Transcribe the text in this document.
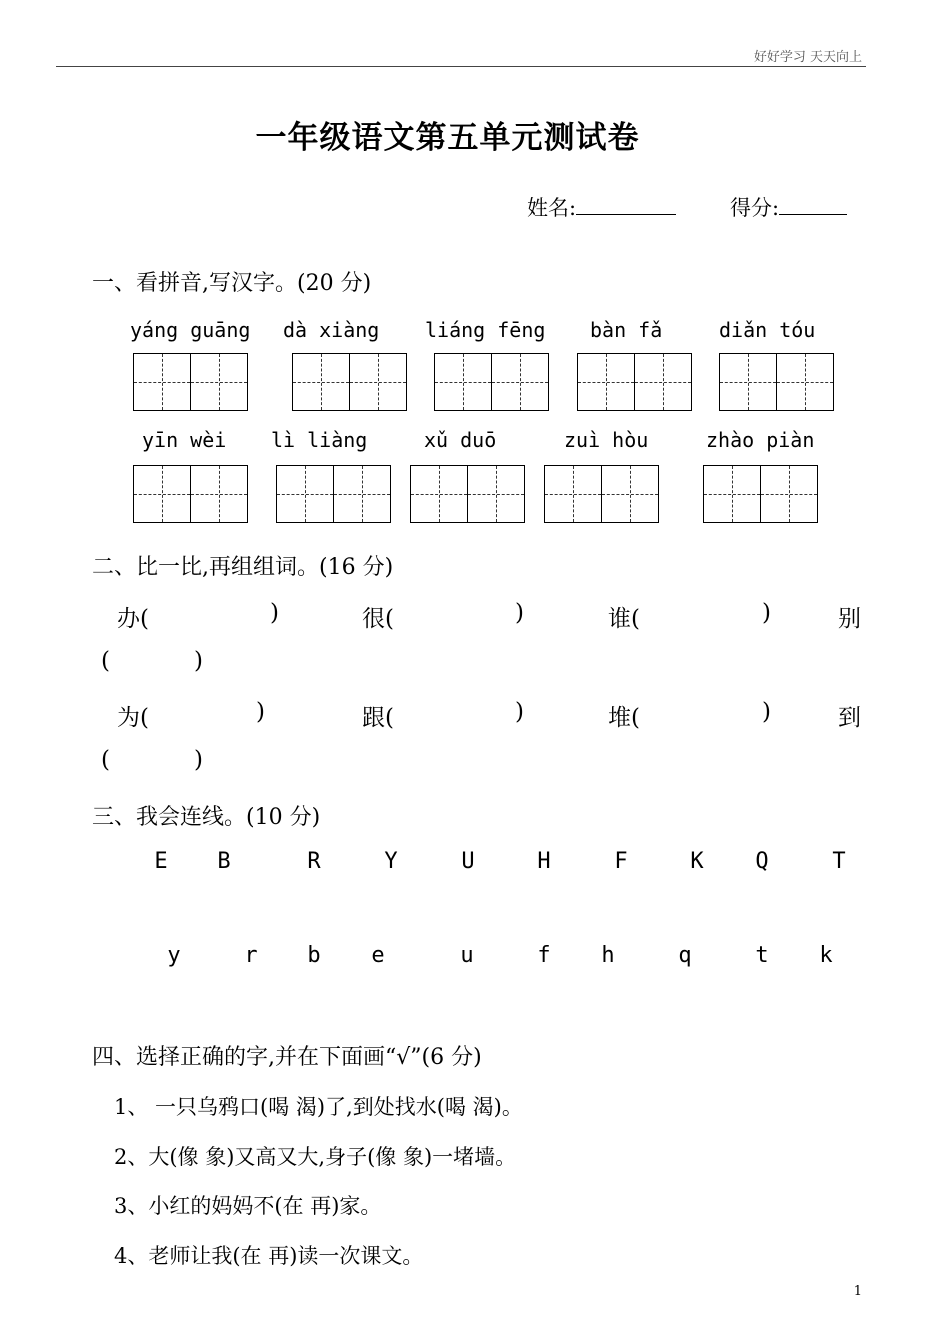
好好学习 天天向上
一年级语文第五单元测试卷
姓名:	得分:
一、看拼音,写汉字。(20 分)
yáng guāng dà xiàng liáng fēng bàn fǎ	diǎn tóu
yīn wèi lì liàng	xǔ duō	zuì hòu	zhào piàn
二、比一比,再组组词。(16 分)
办(	)	很(	)	谁(	)	别
(	)
为(	)	跟(	)	堆(	)	到
(	)
三、我会连线。(10 分)
E	B	R	Y	U	H	F	K	Q	T
y	r	b	e	u	f	h	q	t	k
四、选择正确的字,并在下面画“√”(6 分)
1、 一只乌鸦口(喝 渴)了,到处找水(喝 渴)。
2、大(像 象)又高又大,身子(像 象)一堵墙。
3、小红的妈妈不(在 再)家。
4、老师让我(在 再)读一次课文。
1
